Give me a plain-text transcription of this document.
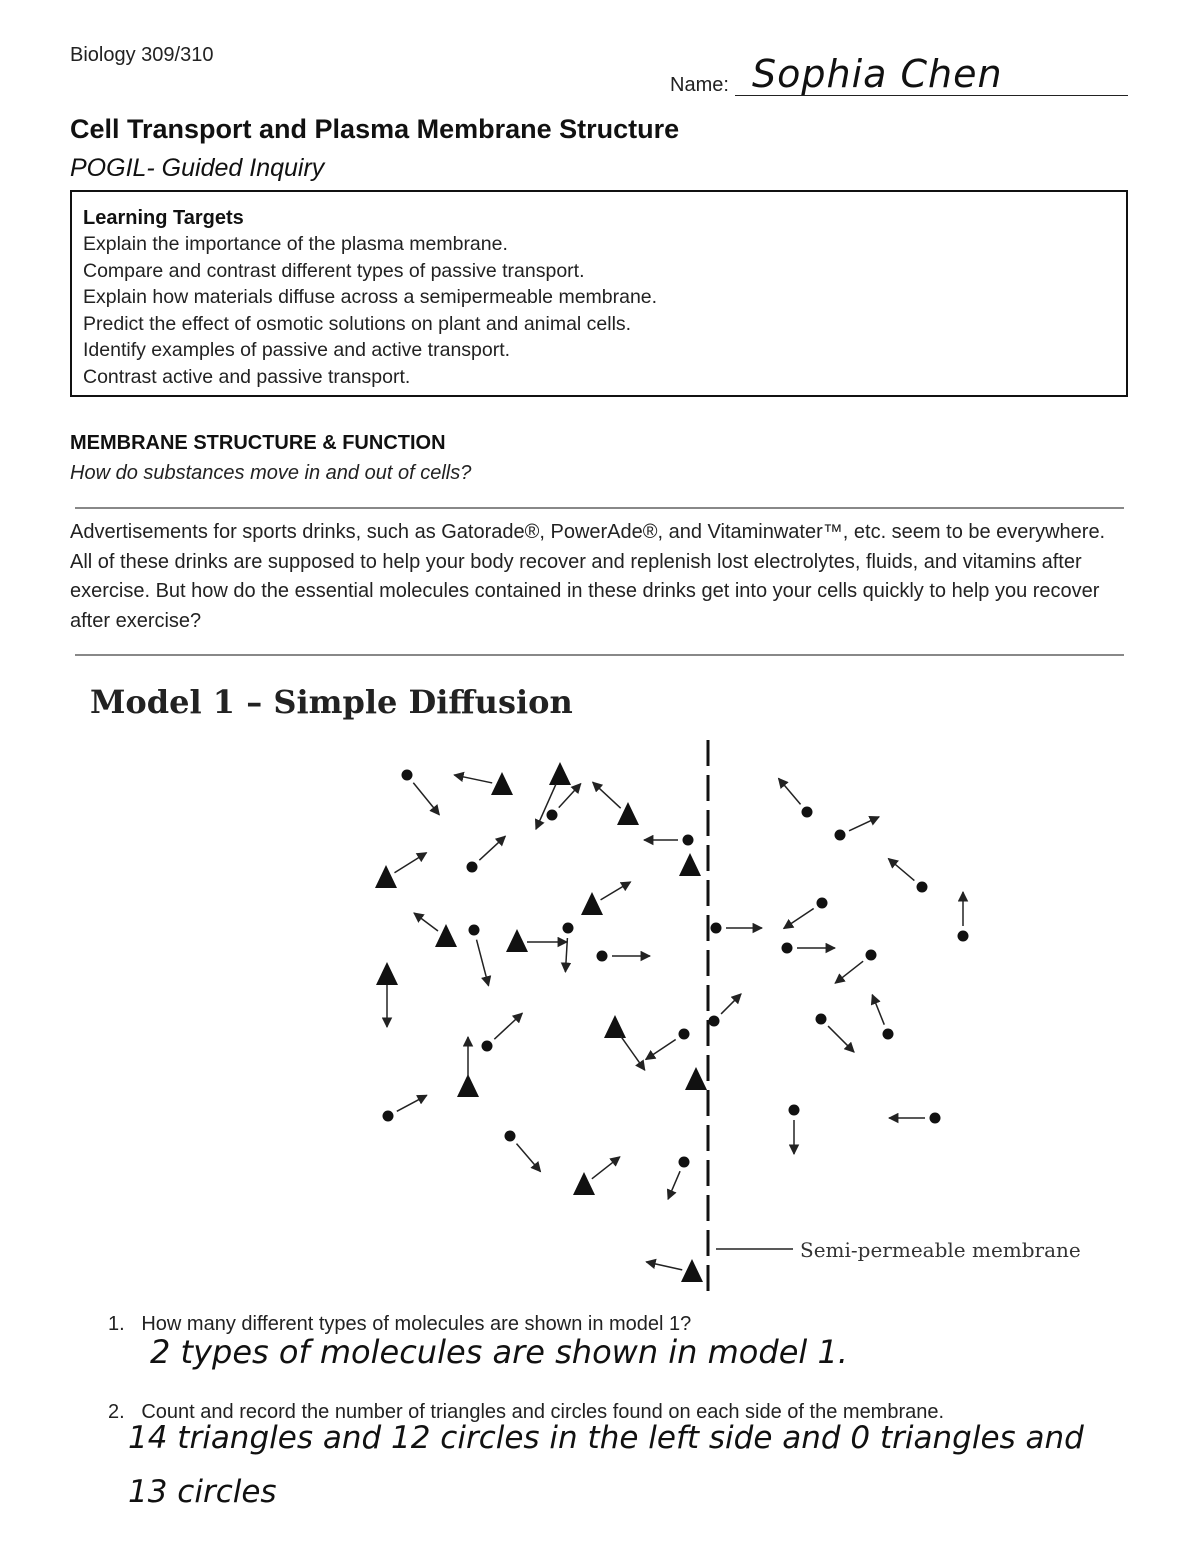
Biology 309/310
Name: Sophia Chen
Cell Transport and Plasma Membrane Structure
POGIL- Guided Inquiry
Learning Targets
Explain the importance of the plasma membrane.
Compare and contrast different types of passive transport.
Explain how materials diffuse across a semipermeable membrane.
Predict the effect of osmotic solutions on plant and animal cells.
Identify examples of passive and active transport.
Contrast active and passive transport.
MEMBRANE STRUCTURE & FUNCTION
How do substances move in and out of cells?
Advertisements for sports drinks, such as Gatorade®, PowerAde®, and Vitaminwater™, etc. seem to be everywhere. All of these drinks are supposed to help your body recover and replenish lost electrolytes, fluids, and vitamins after exercise. But how do the essential molecules contained in these drinks get into your cells quickly to help you recover after exercise?
Model 1 – Simple Diffusion
Semi-permeable membrane
1. How many different types of molecules are shown in model 1?
2 types of molecules are shown in model 1.
2. Count and record the number of triangles and circles found on each side of the membrane.
14 triangles and 12 circles in the left side and 0 triangles and
13 circles
